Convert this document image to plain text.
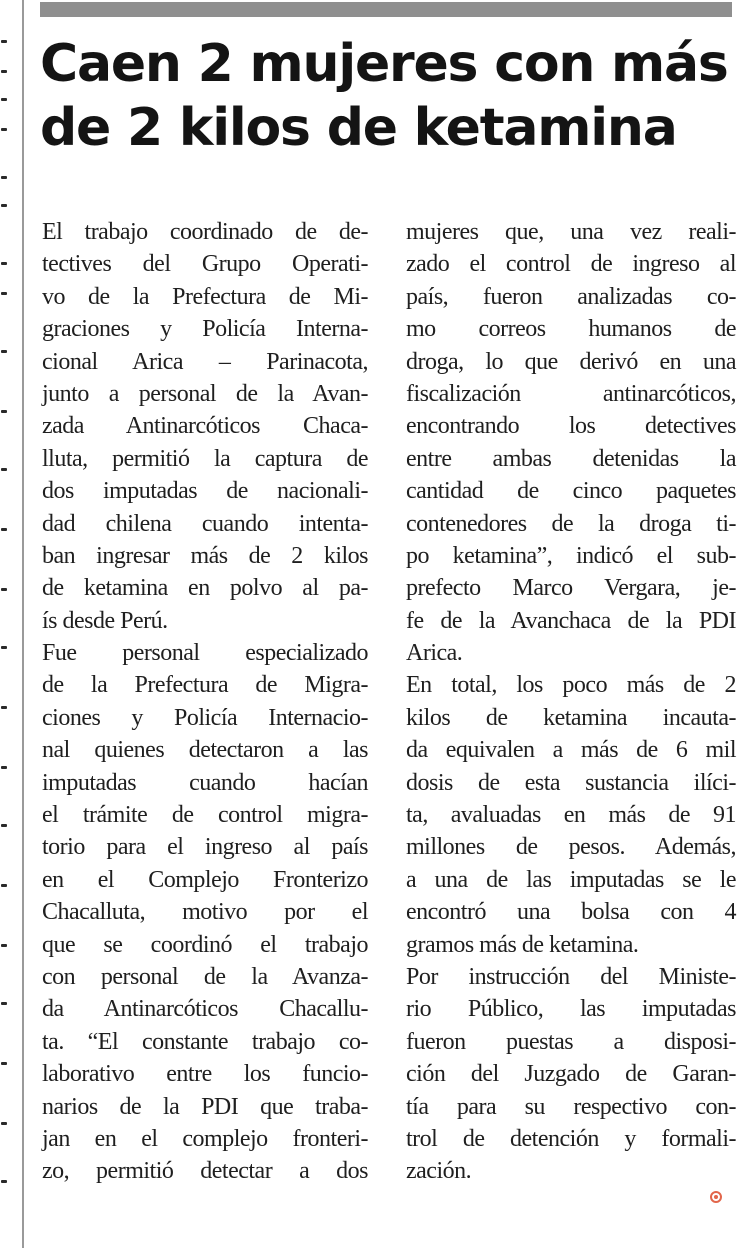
Caen 2 mujeres con más
de 2 kilos de ketamina
El trabajo coordinado de de-
tectives del Grupo Operati-
vo de la Prefectura de Mi-
graciones y Policía Interna-
cional Arica – Parinacota,
junto a personal de la Avan-
zada Antinarcóticos Chaca-
lluta, permitió la captura de
dos imputadas de nacionali-
dad chilena cuando intenta-
ban ingresar más de 2 kilos
de ketamina en polvo al pa-
ís desde Perú.
Fue personal especializado
de la Prefectura de Migra-
ciones y Policía Internacio-
nal quienes detectaron a las
imputadas cuando hacían
el trámite de control migra-
torio para el ingreso al país
en el Complejo Fronterizo
Chacalluta, motivo por el
que se coordinó el trabajo
con personal de la Avanza-
da Antinarcóticos Chacallu-
ta. “El constante trabajo co-
laborativo entre los funcio-
narios de la PDI que traba-
jan en el complejo fronteri-
zo, permitió detectar a dos
mujeres que, una vez reali-
zado el control de ingreso al
país, fueron analizadas co-
mo correos humanos de
droga, lo que derivó en una
fiscalización antinarcóticos,
encontrando los detectives
entre ambas detenidas la
cantidad de cinco paquetes
contenedores de la droga ti-
po ketamina”, indicó el sub-
prefecto Marco Vergara, je-
fe de la Avanchaca de la PDI
Arica.
En total, los poco más de 2
kilos de ketamina incauta-
da equivalen a más de 6 mil
dosis de esta sustancia ilíci-
ta, avaluadas en más de 91
millones de pesos. Además,
a una de las imputadas se le
encontró una bolsa con 4
gramos más de ketamina.
Por instrucción del Ministe-
rio Público, las imputadas
fueron puestas a disposi-
ción del Juzgado de Garan-
tía para su respectivo con-
trol de detención y formali-
zación.
